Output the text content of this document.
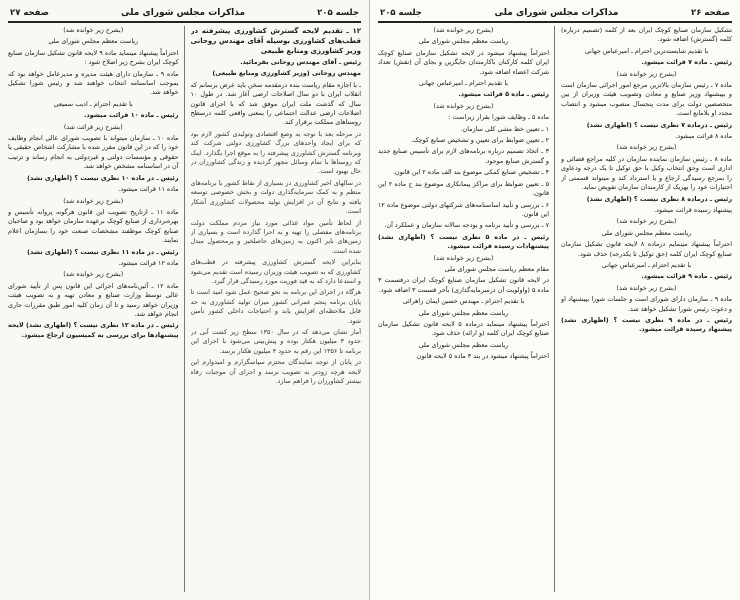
جلسه ۲۰۵
مذاکرات مجلس شورای ملی
صفحه ۲۷

۱۲ ـ تقدیم لایحه گسترش کشاورزی پیشرفته در قطب‌های کشاورزی بوسیله آقای مهندس روحانی وزیر کشاورزی ومنابع طبیعی

رئیس ـ آقای مهندس روحانی بفرمائید.

مهندس روحانی (وزیر کشاورزی ومنابع طبیعی)

ـ با اجازه مقام ریاست بنده درمقدمه سخن باید عرض برسانم که انقلاب ایران با دو سال اصلاحات ارضی آغاز شد. در طول ۱۰ سال که گذشت ملت ایران موفق شد که با اجرای قانون اصلاحات ارضی عدالت اجتماعی را بمعنی واقعی کلمه درسطح روستاهای مملکت برقرار کند.

در مرحله بعد با توجه به وضع اقتصادی وتولیدی کشور لازم بود که برای ایجاد واحدهای بزرگ کشاورزی دولتی شرکت کند وبرنامه گسترش کشاورزی پیشرفته را به موقع اجرا بگذارد. اینک که روستاها با تمام وسائل مجهز گردیده و زندگی کشاورزان در حال بهبود است.

در سالهای اخیر کشاورزی در بسیاری از نقاط کشور با برنامه‌های منظم و به کمک سرمایه‌گذاری دولت و بخش خصوصی توسعه یافته و نتایج آن در افزایش تولید محصولات کشاورزی آشکار است.

از لحاظ تأمین مواد غذائی مورد نیاز مردم مملکت دولت برنامه‌های مفصلی را تهیه و به اجرا گذارده است و بسیاری از زمین‌های بایر اکنون به زمین‌های حاصلخیز و پرمحصول مبدل شده است.

بنابراین لایحه گسترش کشاورزی پیشرفته در قطب‌های کشاورزی که به تصویب هیئت وزیران رسیده است تقدیم می‌شود و استدعا دارد که به قید فوریت مورد رسیدگی قرار گیرد.

هرگاه در اجرای این برنامه به نحو صحیح عمل شود امید است تا پایان برنامه پنجم عمرانی کشور میزان تولید کشاورزی به حد قابل ملاحظه‌ای افزایش یابد و احتیاجات داخلی کشور تأمین شود.

آمار نشان می‌دهد که در سال ۱۳۵۰ سطح زیر کشت آبی در حدود ۳ میلیون هکتار بوده و پیش‌بینی می‌شود با اجرای این برنامه تا ۱۳۵۶ این رقم به حدود ۴ میلیون هکتار برسد.

در پایان از توجه نمایندگان محترم سپاسگزارم و امیدوارم این لایحه هرچه زودتر به تصویب برسد و اجرای آن موجبات رفاه بیشتر کشاورزان را فراهم سازد.

(بشرح زیر خوانده شد)

ریاست معظم مجلس شورای ملی

احتراماً پیشنهاد مینماید ماده ۹ لایحه قانون تشکیل سازمان صنایع کوچک ایران بشرح زیر اصلاح شود :

ماده ۹ ـ سازمان دارای هیئت مدیره و مدیرعامل خواهد بود که بموجب اساسنامه انتخاب خواهند شد و رئیس شورا تشکیل خواهد شد.

با تقدیم احترام ـ ادیب سمیعی

رئیس ـ ماده ۱۰ قرائت میشود.

(بشرح زیر قرائت شد)

ماده ۱۰ ـ سازمان میتواند با تصویب شورای عالی انجام وظایف خود را که در این قانون مقرر شده با مشارکت اشخاص حقیقی یا حقوقی و مؤسسات دولتی و غیردولتی به انجام رساند و ترتیب آن در اساسنامه مشخص خواهد شد.

رئیس ـ در ماده ۱۰ نظری نیست ؟ (اظهاری نشد)

ماده ۱۱ قرائت میشود.

(بشرح زیر خوانده شد)

ماده ۱۱ ـ ازتاریخ تصویب این قانون هرگونه پروانه تأسیس و بهره‌برداری از صنایع کوچک برعهده سازمان خواهد بود و صاحبان صنایع کوچک موظفند مشخصات صنعت خود را بسازمان اعلام نمایند.

رئیس ـ در ماده ۱۱ نظری نیست ؟ (اظهاری نشد)

ماده ۱۲ قرائت میشود.

(بشرح زیر خوانده شد)

ماده ۱۲ ـ آئین‌نامه‌های اجرائی این قانون پس از تأیید شورای عالی توسط وزارت صنایع و معادن تهیه و به تصویب هیئت وزیران خواهد رسید و تا آن زمان کلیه امور طبق مقررات جاری انجام خواهد شد.

رئیس ـ در ماده ۱۲ نظری نیست ؟ (اظهاری نشد) لایحه پیشنهادها برای بررسی به کمیسیون ارجاع میشود.

صفحه ۲۶
مذاکرات مجلس شورای ملی
جلسه ۲۰۵

تشکیل سازمان صنایع کوچک ایران بعد از کلمه (تصمیم درباره) کلمه (گسترش) اضافه شود.

با تقدیم شایسته‌ترین احترام ـ امیرعباس جهانی

رئیس ـ ماده ۷ قرائت میشود.

(بشرح زیر خوانده شد)

ماده ۷ ـ رئیس سازمان بالاترین مرجع امور اجرائی سازمان است و بپیشنهاد وزیر صنایع و معادن وتصویب هیئت وزیران از بین متخصصین دولت برای مدت پنجسال منصوب میشود و انتصاب مجدد او بلامانع است.

رئیس ـ درماده ۷ نظری نیست ؟ (اظهاری نشد)

ماده ۸ قرائت میشود.

(بشرح زیر خوانده شد)

ماده ۸ ـ رئیس سازمان نماینده سازمان در کلیه مراجع قضائی و اداری است وحق انتخاب وکیل با حق توکیل تا یک درجه ودعاوی را بمرجع رسیدگی ارجاع و یا استرداد کند و میتواند قسمتی از اختیارات خود را بهریک از کارمندان سازمان تفویض نماید.

رئیس ـ درماده ۸ نظری نیست ؟ (اظهاری نشد)

پیشنهاد رسیده قرائت میشود.

(بشرح زیر خوانده شد)

ریاست معظم مجلس شورای ملی

احتراماً پیشنهاد مینمایم درماده ۸ لایحه قانون تشکیل سازمان صنایع کوچک ایران کلمه (حق توکیل تا یکدرجه) حذف شود.

با تقدیم احترام ـ امیرعباس جهانی

رئیس ـ ماده ۹ قرائت میشود.

(بشرح زیر خوانده شد)

ماده ۹ ـ سازمان دارای شورای است و جلسات شورا بپیشنهاد او و دعوت رئیس شورا تشکیل خواهد شد.

رئیس ـ در ماده ۹ نظری نیست ؟ (اظهاری نشد) پیشنهاد رسیده قرائت میشود.

(بشرح زیر خوانده شد)

ریاست معظم مجلس شورای ملی

احتراماً پیشنهاد میشود در لایحه تشکیل سازمان صنایع کوچک ایران کلمه کارکنان باکارمندان جایگزین و بجای آن (نقش) تعداد شرکت اعضاء اضافه شود.

با تقدیم احترام ـ امیرعباس جهانی

رئیس ـ ماده ۵ قرائت میشود.

(بشرح زیر خوانده شد)

ماده ۵ ـ وظایف شورا بقرار زیراست :

۱ ـ تعیین خط مشی کلی سازمان.

۲ ـ تعیین ضوابط برای تعیین و تشخیص صنایع کوچک.

۳ ـ اتخاذ تصمیم درباره برنامه‌های لازم برای تأسیس صنایع جدید و گسترش صنایع موجود.

۴ ـ تشخیص صنایع کمکی موضوع بند الف ماده ۲ این قانون.

۵ ـ تعیین ضوابط برای مراکز پیمانکاری موضوع بند ج ماده ۲ این قانون.

۶ ـ بررسی و تأیید اساسنامه‌های شرکتهای دولتی موضوع ماده ۱۲ این قانون.

۷ ـ بررسی و تأیید برنامه و بودجه سالانه سازمان و عملکرد آن.

رئیس ـ در ماده ۵ نظری نیست ؟ (اظهاری نشد) پیشنهادات رسیده قرائت میشود.

(بشرح زیر خوانده شد)

مقام معظم ریاست مجلس شورای ملی

در لایحه قانون تشکیل سازمان صنایع کوچک ایران درقسمت ۳ ماده ۵ (واولویت آن درسرمایه‌گذاری) بآخر قسمت ۳ اضافه شود.

با تقدیم احترام ـ مهندس حسین ایمان زاهرائی

ریاست معظم مجلس شورای ملی

احتراماً پیشنهاد مینماید درماده ۵ لایحه قانون تشکیل سازمان صنایع کوچک ایران کلمه (و ارائه) حذف شود.

ریاست معظم مجلس شورای ملی

احتراماً پیشنهاد میشود در بند ۳ ماده ۵ لایحه قانون
